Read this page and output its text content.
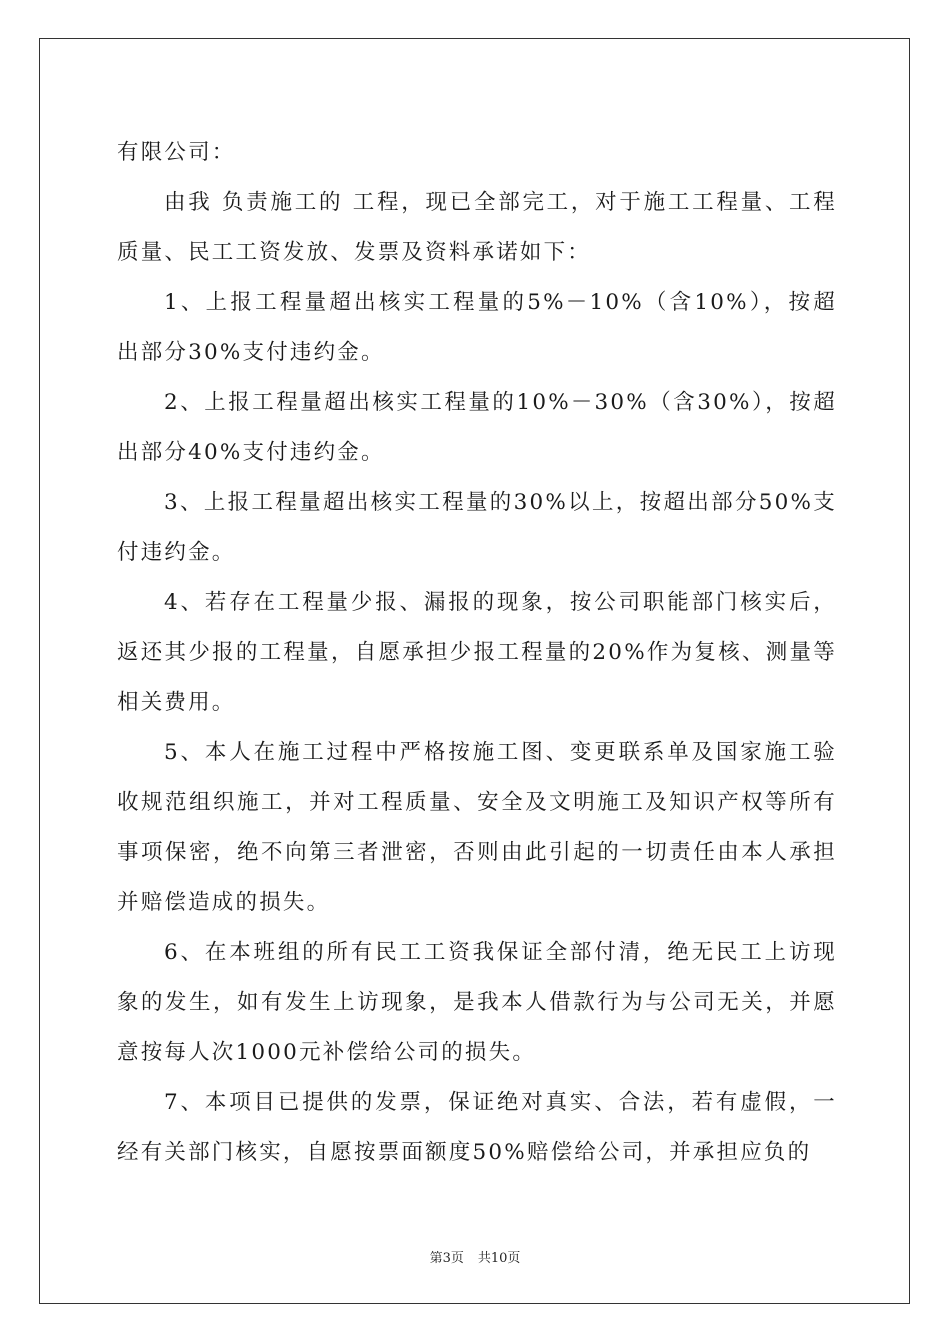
有限公司：

由我 负责施工的 工程，现已全部完工，对于施工工程量、工程质量、民工工资发放、发票及资料承诺如下：

1、上报工程量超出核实工程量的5%－10%（含10%），按超出部分30%支付违约金。

2、上报工程量超出核实工程量的10%－30%（含30%），按超出部分40%支付违约金。

3、上报工程量超出核实工程量的30%以上，按超出部分50%支付违约金。

4、若存在工程量少报、漏报的现象，按公司职能部门核实后，返还其少报的工程量，自愿承担少报工程量的20%作为复核、测量等相关费用。

5、本人在施工过程中严格按施工图、变更联系单及国家施工验收规范组织施工，并对工程质量、安全及文明施工及知识产权等所有事项保密，绝不向第三者泄密，否则由此引起的一切责任由本人承担并赔偿造成的损失。

6、在本班组的所有民工工资我保证全部付清，绝无民工上访现象的发生，如有发生上访现象，是我本人借款行为与公司无关，并愿意按每人次1000元补偿给公司的损失。

7、本项目已提供的发票，保证绝对真实、合法，若有虚假，一经有关部门核实，自愿按票面额度50%赔偿给公司，并承担应负的

第3页 共10页
